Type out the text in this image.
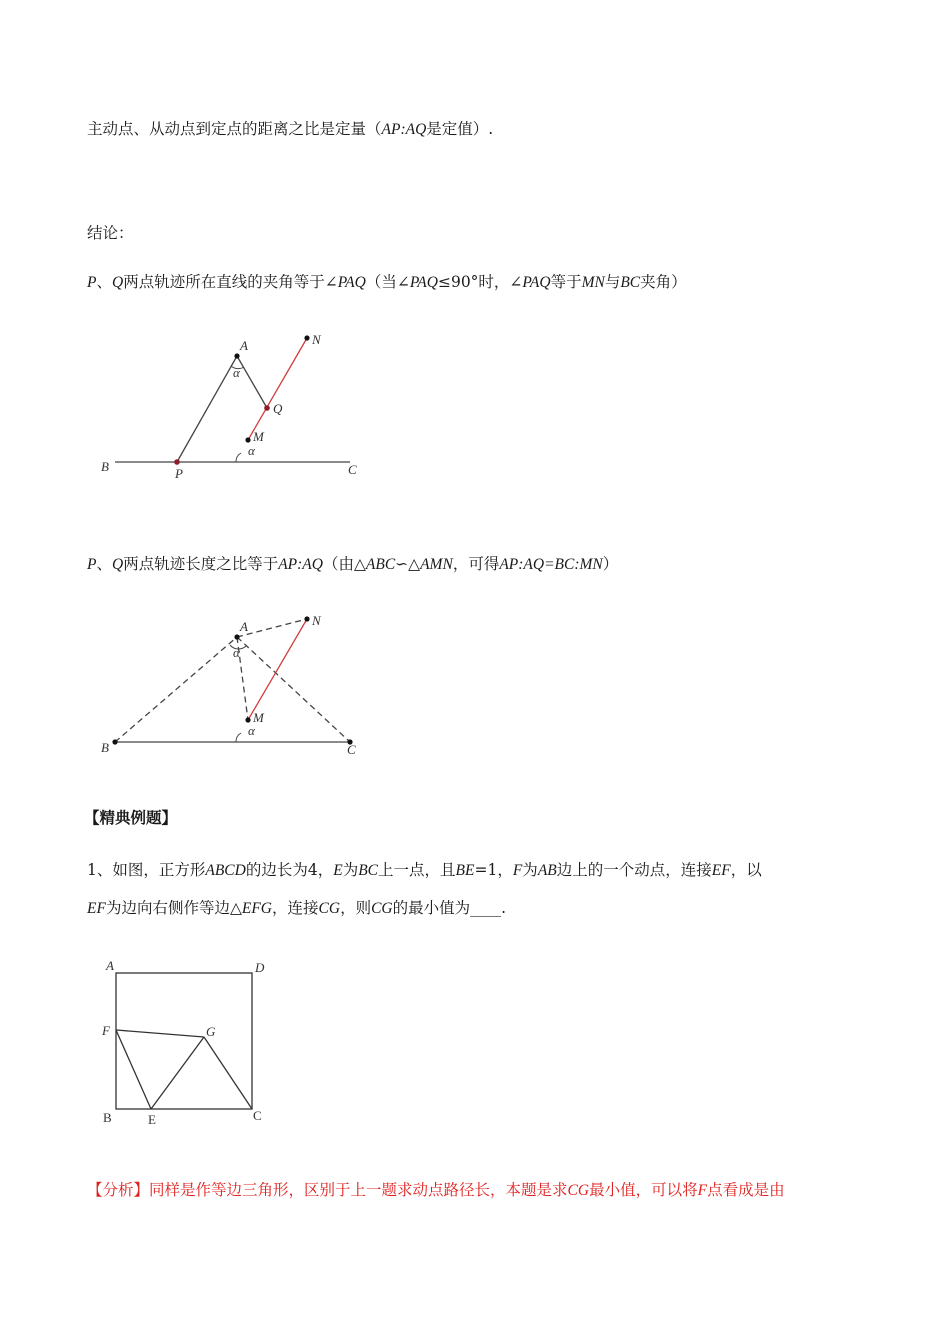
主动点、从动点到定点的距离之比是定量（AP:AQ是定值）.
结论：
P、Q两点轨迹所在直线的夹角等于∠PAQ（当∠PAQ≤90°时，∠PAQ等于MN与BC夹角）
A	N
Q
M
B	P	C
α
α
P、Q两点轨迹长度之比等于AP:AQ（由△ABC∽△AMN，可得AP:AQ=BC:MN）
A	N
M
B	C
α
α
【精典例题】
1、如图，正方形ABCD的边长为4，E为BC上一点，且BE=1，F为AB边上的一个动点，连接EF，以
EF为边向右侧作等边△EFG，连接CG，则CG的最小值为____.
A	D
F	G
B	E	C
【分析】同样是作等边三角形，区别于上一题求动点路径长，本题是求CG最小值，可以将F点看成是由
